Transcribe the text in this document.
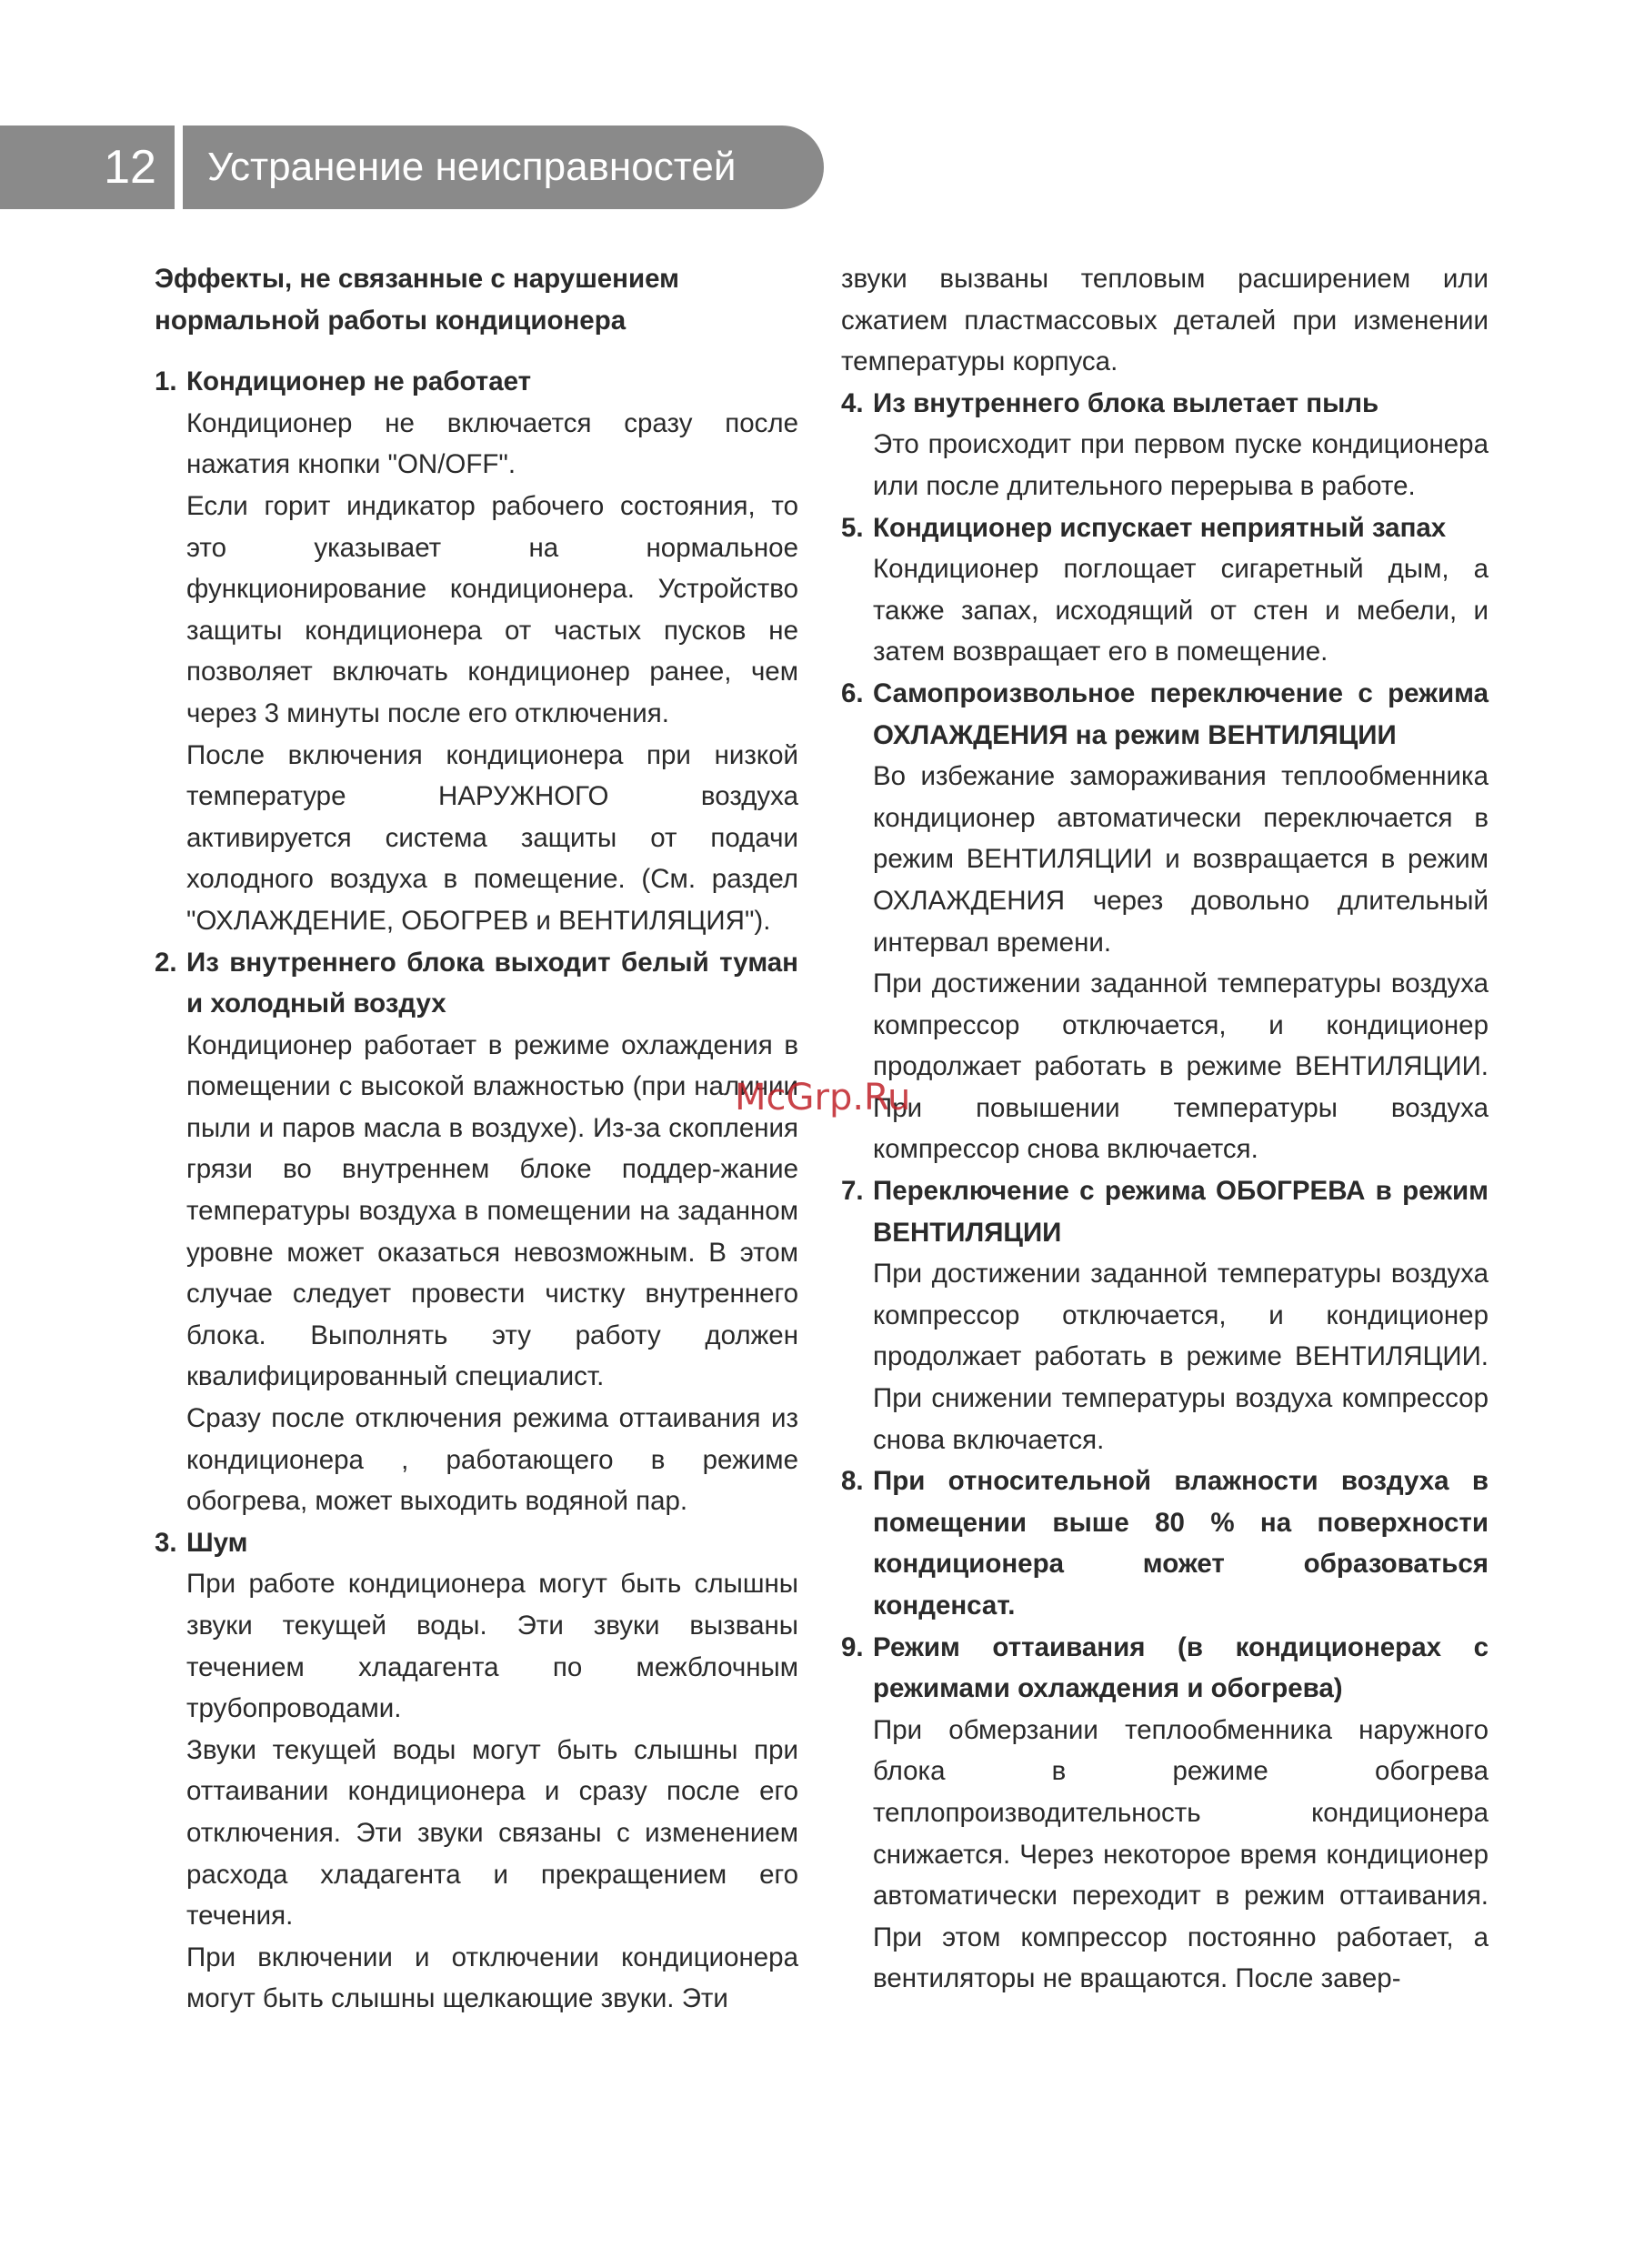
12	Устранение неисправностей
Эффекты, не связанные с нарушением нормальной работы кондиционера
1. Кондиционер не работает

Кондиционер не включается сразу после нажатия кнопки "ON/OFF".

Если горит индикатор рабочего состояния, то это указывает на нормальное функционирование кондиционера. Устройство защиты кондиционера от частых пусков не позволяет включать кондиционер ранее, чем через 3 минуты после его отключения.

После включения кондиционера при низкой температуре НАРУЖНОГО воздуха активируется система защиты от подачи холодного воздуха в помещение. (См. раздел "ОХЛАЖДЕНИЕ, ОБОГРЕВ и ВЕНТИЛЯЦИЯ").

2. Из внутреннего блока выходит белый туман и холодный воздух

Кондиционер работает в режиме охлаждения в помещении с высокой влажностью (при наличии пыли и паров масла в воздухе). Из-за скопления грязи во внутреннем блоке поддер-жание температуры воздуха в помещении на заданном уровне может оказаться невозможным. В этом случае следует провести чистку внутреннего блока. Выполнять эту работу должен квалифицированный специалист.

Сразу после отключения режима оттаивания из кондиционера , работающего в режиме обогрева, может выходить водяной пар.

3. Шум

При работе кондиционера могут быть слышны звуки текущей воды. Эти звуки вызваны течением хладагента по межблочным трубопроводами.

Звуки текущей воды могут быть слышны при оттаивании кондиционера и сразу после его отключения. Эти звуки связаны с изменением расхода хладагента и прекращением его течения.

При включении и отключении кондиционера могут быть слышны щелкающие звуки. Эти

звуки вызваны тепловым расширением или сжатием пластмассовых деталей при изменении температуры корпуса.

4. Из внутреннего блока вылетает пыль

Это происходит при первом пуске кондиционера или после длительного перерыва в работе.

5. Кондиционер испускает неприятный запах

Кондиционер поглощает сигаретный дым, а также запах, исходящий от стен и мебели, и затем возвращает его в помещение.

6. Самопроизвольное переключение с режима ОХЛАЖДЕНИЯ на режим ВЕНТИЛЯЦИИ

Во избежание замораживания теплообменника кондиционер автоматически переключается в режим ВЕНТИЛЯЦИИ и возвращается в режим ОХЛАЖДЕНИЯ через довольно длительный интервал времени.

При достижении заданной температуры воздуха компрессор отключается, и кондиционер продолжает работать в режиме ВЕНТИЛЯЦИИ. При повышении температуры воздуха компрессор снова включается.

7. Переключение с режима ОБОГРЕВА в режим ВЕНТИЛЯЦИИ

При достижении заданной температуры воздуха компрессор отключается, и кондиционер продолжает работать в режиме ВЕНТИЛЯЦИИ. При снижении температуры воздуха компрессор снова включается.

8. При относительной влажности воздуха в помещении выше 80 % на поверхности кондиционера может образоваться конденсат.
9. Режим оттаивания (в кондиционерах с режимами охлаждения и обогрева)

При обмерзании теплообменника наружного блока в режиме обогрева теплопроизводительность кондиционера снижается. Через некоторое время кондиционер автоматически переходит в режим оттаивания. При этом компрессор постоянно работает, а вентиляторы не вращаются. После завер-

McGrp.Ru
